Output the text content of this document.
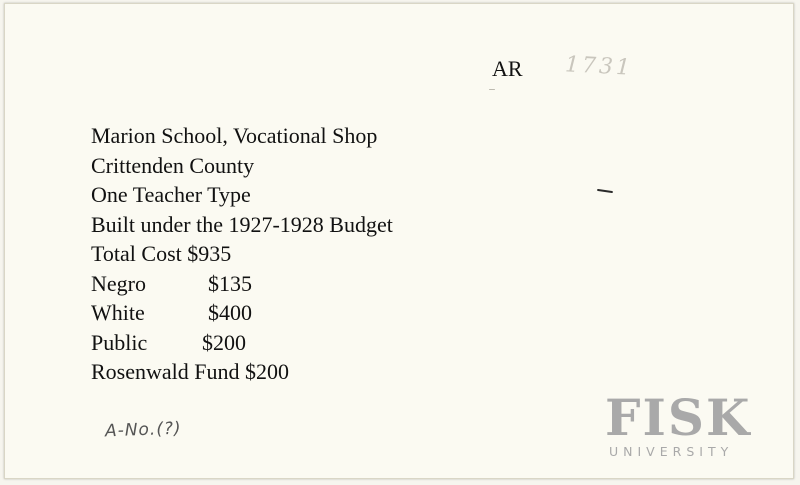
AR 1731
Marion School, Vocational Shop
Crittenden County
One Teacher Type
Built under the 1927-1928 Budget
Total Cost $935
Negro	$135
White	$400
Public	$200
Rosenwald Fund $200
A-No.(?)	FISK
UNIVERSITY
